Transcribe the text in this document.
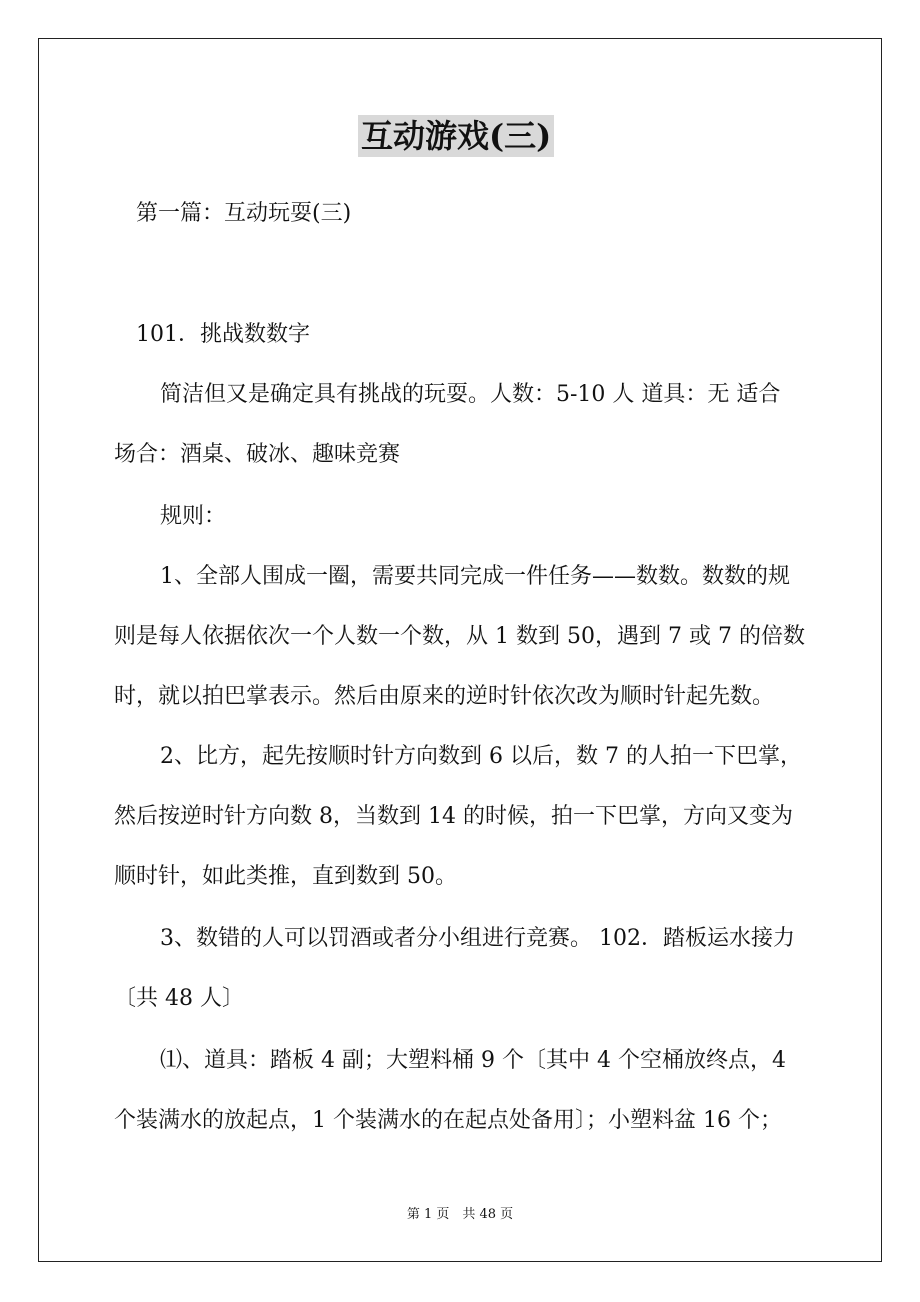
互动游戏(三)
第一篇：互动玩耍(三)
101．挑战数数字
简洁但又是确定具有挑战的玩耍。人数：5-10 人 道具：无 适合
场合：酒桌、破冰、趣味竞赛
规则：
1、全部人围成一圈，需要共同完成一件任务——数数。数数的规
则是每人依据依次一个人数一个数，从 1 数到 50，遇到 7 或 7 的倍数
时，就以拍巴掌表示。然后由原来的逆时针依次改为顺时针起先数。
2、比方，起先按顺时针方向数到 6 以后，数 7 的人拍一下巴掌，
然后按逆时针方向数 8，当数到 14 的时候，拍一下巴掌，方向又变为
顺时针，如此类推，直到数到 50。
3、数错的人可以罚酒或者分小组进行竞赛。 102．踏板运水接力
〔共 48 人〕
⑴、道具：踏板 4 副；大塑料桶 9 个〔其中 4 个空桶放终点，4
个装满水的放起点，1 个装满水的在起点处备用〕；小塑料盆 16 个；
第 1 页　共 48 页
